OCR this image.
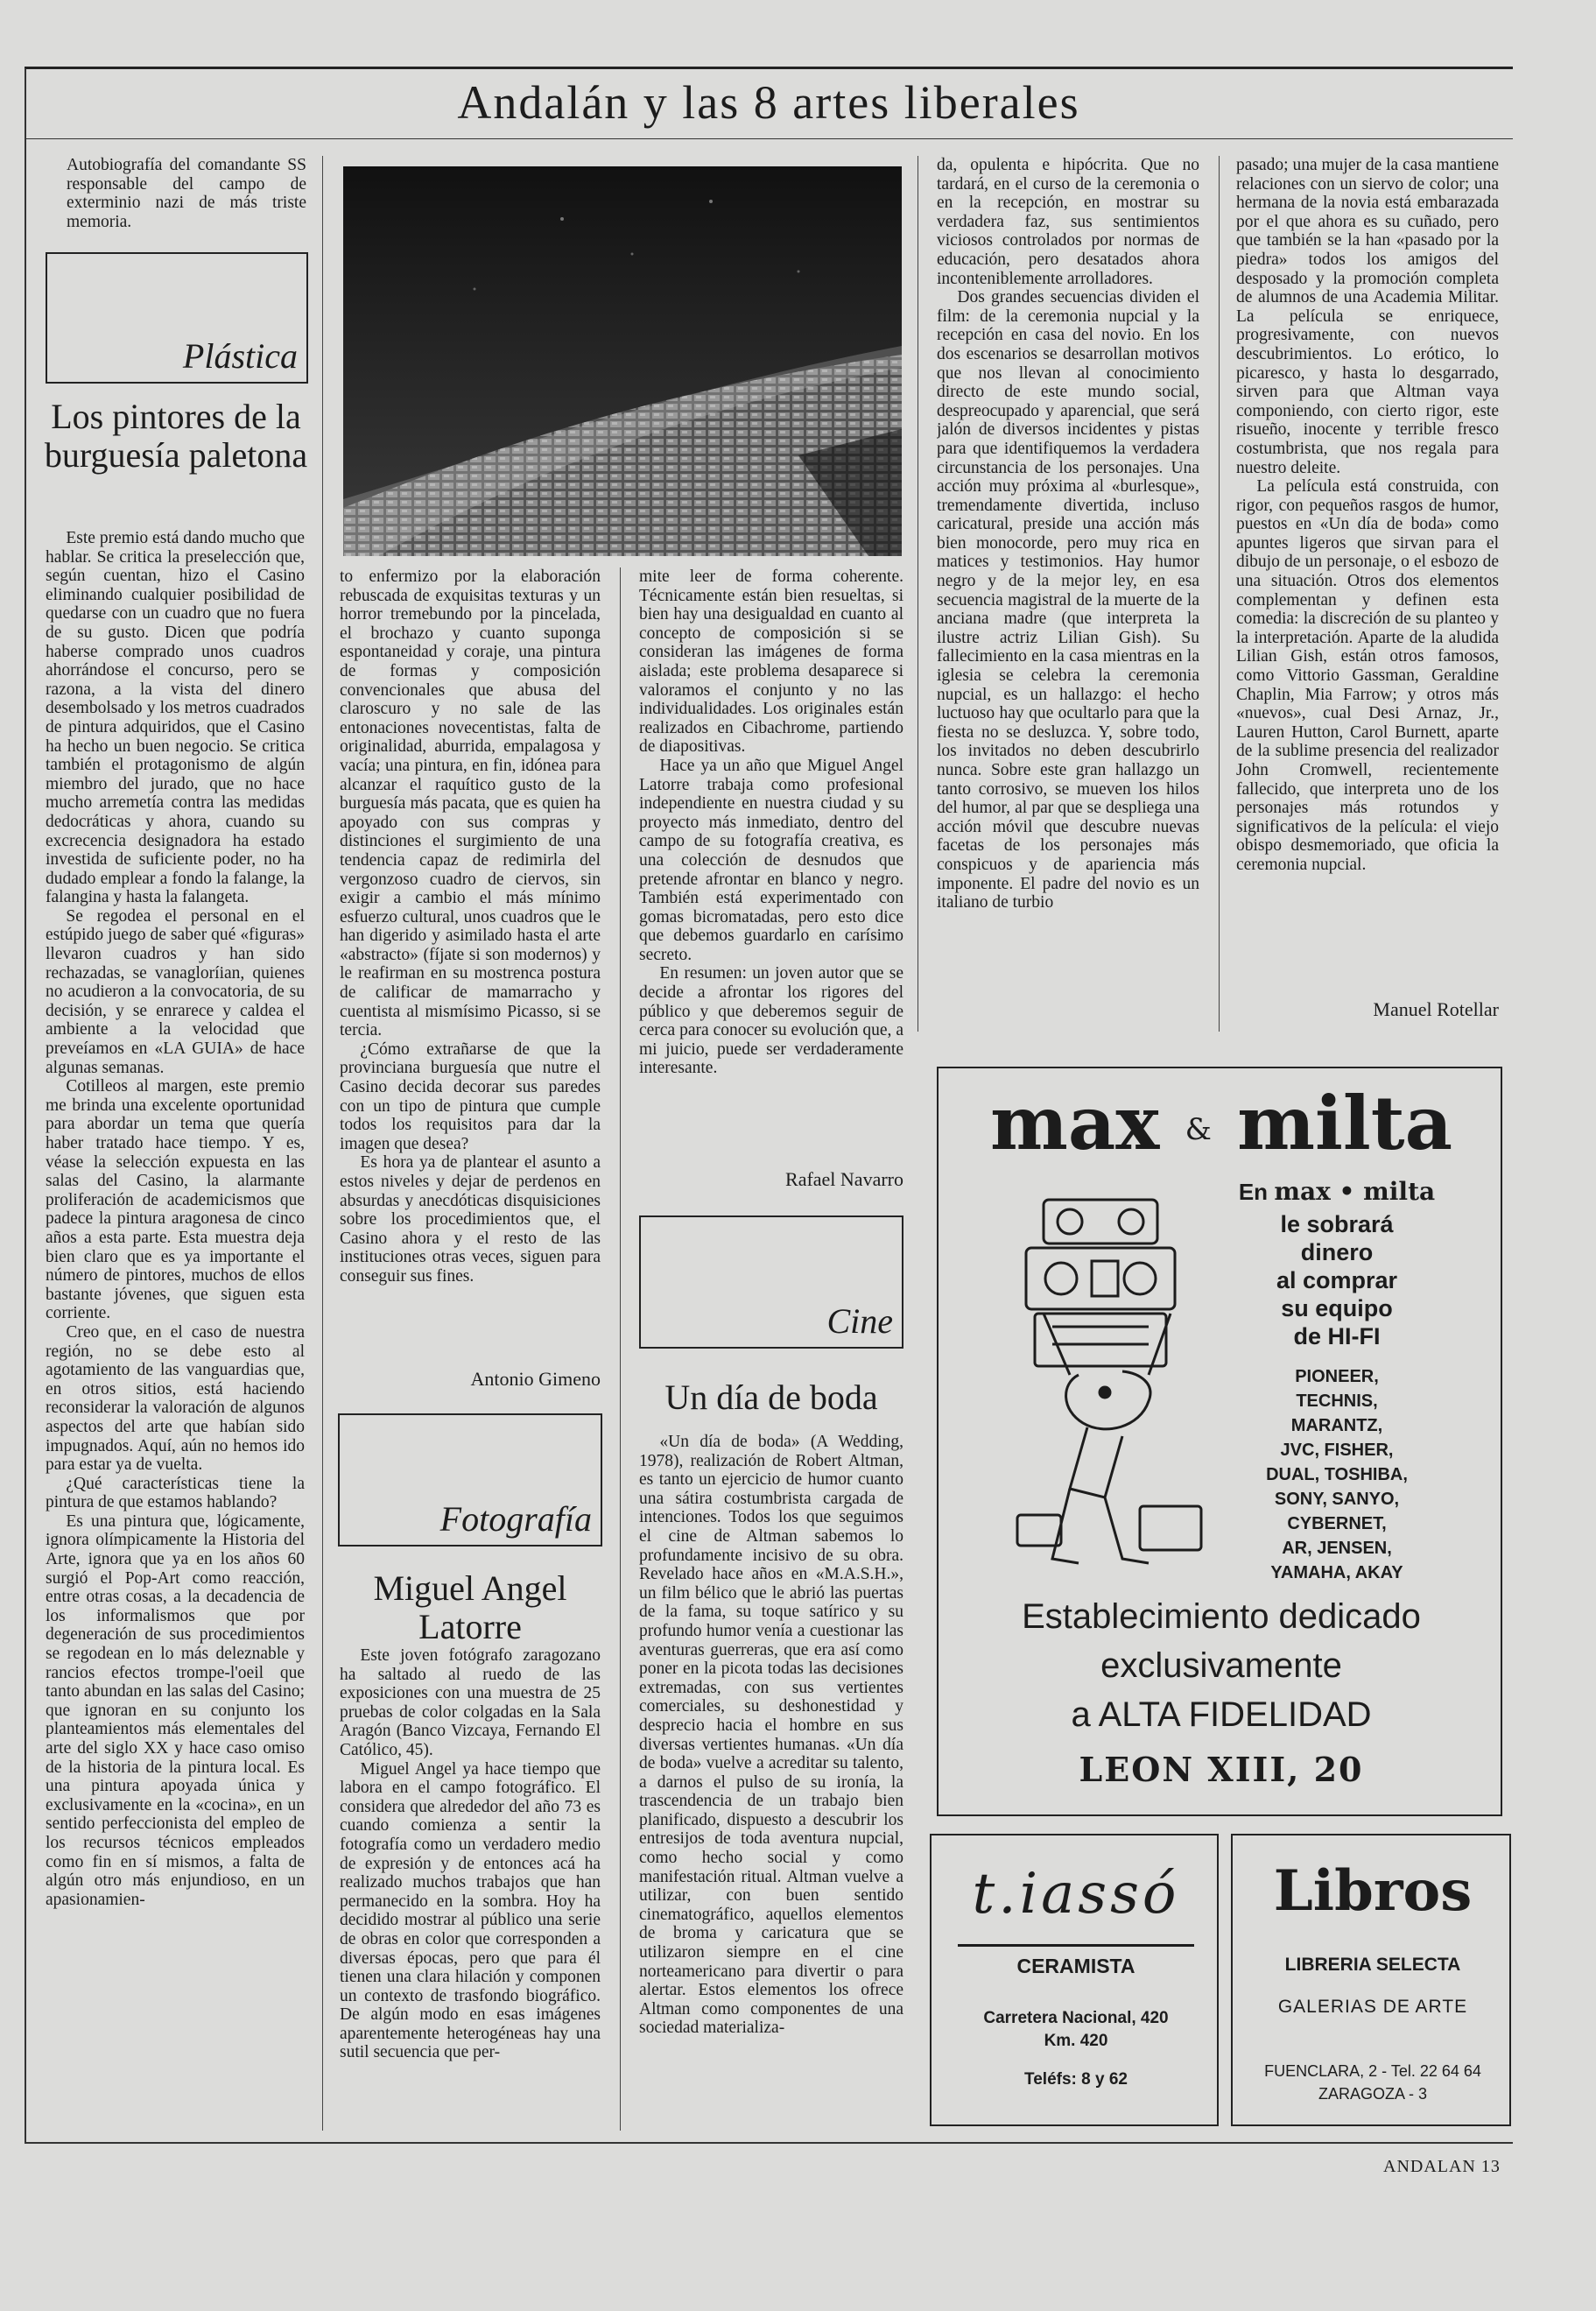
Andalán y las 8 artes liberales

Autobiografía del comandante SS responsable del campo de exterminio nazi de más triste memoria.

Plástica
Los pintores de la burguesía paletona

Este premio está dando mucho que hablar. Se critica la preselección que, según cuentan, hizo el Casino eliminando cualquier posibilidad de quedarse con un cuadro que no fuera de su gusto. Dicen que podría haberse comprado unos cuadros ahorrándose el concurso, pero se razona, a la vista del dinero desembolsado y los metros cuadrados de pintura adquiridos, que el Casino ha hecho un buen negocio. Se critica también el protagonismo de algún miembro del jurado, que no hace mucho arremetía contra las medidas dedocráticas y ahora, cuando su excrecencia designadora ha estado investida de suficiente poder, no ha dudado emplear a fondo la falange, la falangina y hasta la falangeta.

Se regodea el personal en el estúpido juego de saber qué «figuras» llevaron cuadros y han sido rechazadas, se vanagloríian, quienes no acudieron a la convocatoria, de su decisión, y se enrarece y caldea el ambiente a la velocidad que preveíamos en «LA GUIA» de hace algunas semanas.

Cotilleos al margen, este premio me brinda una excelente oportunidad para abordar un tema que quería haber tratado hace tiempo. Y es, véase la selección expuesta en las salas del Casino, la alarmante proliferación de academicismos que padece la pintura aragonesa de cinco años a esta parte. Esta muestra deja bien claro que es ya importante el número de pintores, muchos de ellos bastante jóvenes, que siguen esta corriente.

Creo que, en el caso de nuestra región, no se debe esto al agotamiento de las vanguardias que, en otros sitios, está haciendo reconsiderar la valoración de algunos aspectos del arte que habían sido impugnados. Aquí, aún no hemos ido para estar ya de vuelta.

¿Qué características tiene la pintura de que estamos hablando?

Es una pintura que, lógicamente, ignora olímpicamente la Historia del Arte, ignora que ya en los años 60 surgió el Pop-Art como reacción, entre otras cosas, a la decadencia de los informalismos que por degeneración de sus procedimientos se regodean en lo más deleznable y rancios efectos trompe-l'oeil que tanto abundan en las salas del Casino; que ignoran en su conjunto los planteamientos más elementales del arte del siglo XX y hace caso omiso de la historia de la pintura local. Es una pintura apoyada única y exclusivamente en la «cocina», en un sentido perfeccionista del empleo de los recursos técnicos empleados como fin en sí mismos, a falta de algún otro más enjundioso, en un apasionamien-

to enfermizo por la elaboración rebuscada de exquisitas texturas y un horror tremebundo por la pincelada, el brochazo y cuanto suponga espontaneidad y coraje, una pintura de formas y composición convencionales que abusa del claroscuro y no sale de las entonaciones novecentistas, falta de originalidad, aburrida, empalagosa y vacía; una pintura, en fin, idónea para alcanzar el raquítico gusto de la burguesía más pacata, que es quien ha apoyado con sus compras y distinciones el surgimiento de una tendencia capaz de redimirla del vergonzoso cuadro de ciervos, sin exigir a cambio el más mínimo esfuerzo cultural, unos cuadros que le han digerido y asimilado hasta el arte «abstracto» (fíjate si son modernos) y le reafirman en su mostrenca postura de calificar de mamarracho y cuentista al mismísimo Picasso, si se tercia.

¿Cómo extrañarse de que la provinciana burguesía que nutre el Casino decida decorar sus paredes con un tipo de pintura que cumple todos los requisitos para dar la imagen que desea?

Es hora ya de plantear el asunto a estos niveles y dejar de perdenos en absurdas y anecdóticas disquisiciones sobre los procedimientos que, el Casino ahora y el resto de las instituciones otras veces, siguen para conseguir sus fines.

Antonio Gimeno
Fotografía
Miguel Angel Latorre

Este joven fotógrafo zaragozano ha saltado al ruedo de las exposiciones con una muestra de 25 pruebas de color colgadas en la Sala Aragón (Banco Vizcaya, Fernando El Católico, 45).

Miguel Angel ya hace tiempo que labora en el campo fotográfico. El considera que alrededor del año 73 es cuando comienza a sentir la fotografía como un verdadero medio de expresión y de entonces acá ha realizado muchos trabajos que han permanecido en la sombra. Hoy ha decidido mostrar al público una serie de obras en color que corresponden a diversas épocas, pero que para él tienen una clara hilación y componen un contexto de trasfondo biográfico. De algún modo en esas imágenes aparentemente heterogéneas hay una sutil secuencia que per-

mite leer de forma coherente. Técnicamente están bien resueltas, si bien hay una desigualdad en cuanto al concepto de composición si se consideran las imágenes de forma aislada; este problema desaparece si valoramos el conjunto y no las individualidades. Los originales están realizados en Cibachrome, partiendo de diapositivas.

Hace ya un año que Miguel Angel Latorre trabaja como profesional independiente en nuestra ciudad y su proyecto más inmediato, dentro del campo de su fotografía creativa, es una colección de desnudos que pretende afrontar en blanco y negro. También está experimentado con gomas bicromatadas, pero esto dice que debemos guardarlo en carísimo secreto.

En resumen: un joven autor que se decide a afrontar los rigores del público y que deberemos seguir de cerca para conocer su evolución que, a mi juicio, puede ser verdaderamente interesante.

Rafael Navarro
Cine
Un día de boda

«Un día de boda» (A Wedding, 1978), realización de Robert Altman, es tanto un ejercicio de humor cuanto una sátira costumbrista cargada de intenciones. Todos los que seguimos el cine de Altman sabemos lo profundamente incisivo de su obra. Revelado hace años en «M.A.S.H.», un film bélico que le abrió las puertas de la fama, su toque satírico y su profundo humor venía a cuestionar las aventuras guerreras, que era así como poner en la picota todas las decisiones extremadas, con sus vertientes comerciales, su deshonestidad y desprecio hacia el hombre en sus diversas vertientes humanas. «Un día de boda» vuelve a acreditar su talento, a darnos el pulso de su ironía, la trascendencia de un trabajo bien planificado, dispuesto a descubrir los entresijos de toda aventura nupcial, como hecho social y como manifestación ritual. Altman vuelve a utilizar, con buen sentido cinematográfico, aquellos elementos de broma y caricatura que se utilizaron siempre en el cine norteamericano para divertir o para alertar. Estos elementos los ofrece Altman como componentes de una sociedad materializa-

da, opulenta e hipócrita. Que no tardará, en el curso de la ceremonia o en la recepción, en mostrar su verdadera faz, sus sentimientos viciosos controlados por normas de educación, pero desatados ahora inconteniblemente arrolladores.

Dos grandes secuencias dividen el film: de la ceremonia nupcial y la recepción en casa del novio. En los dos escenarios se desarrollan motivos que nos llevan al conocimiento directo de este mundo social, despreocupado y aparencial, que será jalón de diversos incidentes y pistas para que identifiquemos la verdadera circunstancia de los personajes. Una acción muy próxima al «burlesque», tremendamente divertida, incluso caricatural, preside una acción más bien monocorde, pero muy rica en matices y testimonios. Hay humor negro y de la mejor ley, en esa secuencia magistral de la muerte de la anciana madre (que interpreta la ilustre actriz Lilian Gish). Su fallecimiento en la casa mientras en la iglesia se celebra la ceremonia nupcial, es un hallazgo: el hecho luctuoso hay que ocultarlo para que la fiesta no se desluzca. Y, sobre todo, los invitados no deben descubrirlo nunca. Sobre este gran hallazgo un tanto corrosivo, se mueven los hilos del humor, al par que se despliega una acción móvil que descubre nuevas facetas de los personajes más conspicuos y de apariencia más imponente. El padre del novio es un italiano de turbio

pasado; una mujer de la casa mantiene relaciones con un siervo de color; una hermana de la novia está embarazada por el que ahora es su cuñado, pero que también se la han «pasado por la piedra» todos los amigos del desposado y la promoción completa de alumnos de una Academia Militar. La película se enriquece, progresivamente, con nuevos descubrimientos. Lo erótico, lo picaresco, y hasta lo desgarrado, sirven para que Altman vaya componiendo, con cierto rigor, este risueño, inocente y terrible fresco costumbrista, que nos regala para nuestro deleite.

La película está construida, con rigor, con pequeños rasgos de humor, puestos en «Un día de boda» como apuntes ligeros que sirvan para el dibujo de un personaje, o el esbozo de una situación. Otros dos elementos complementan y definen esta comedia: la discreción de su planteo y la interpretación. Aparte de la aludida Lilian Gish, están otros famosos, como Vittorio Gassman, Geraldine Chaplin, Mia Farrow; y otros más «nuevos», cual Desi Arnaz, Jr., Lauren Hutton, Carol Burnett, aparte de la sublime presencia del realizador John Cromwell, recientemente fallecido, que interpreta uno de los personajes más rotundos y significativos de la película: el viejo obispo desmemoriado, que oficia la ceremonia nupcial.

Manuel Rotellar
max & milta
En max • milta
le sobrará
dinero
al comprar
su equipo
de HI-FI
PIONEER,
TECHNIS,
MARANTZ,
JVC, FISHER,
DUAL, TOSHIBA,
SONY, SANYO,
CYBERNET,
AR, JENSEN,
YAMAHA, AKAY
Establecimiento dedicado
exclusivamente
a ALTA FIDELIDAD
LEON XIII, 20
t.iassó
CERAMISTA
Carretera Nacional, 420
Km. 420
Teléfs: 8 y 62
Libros
LIBRERIA SELECTA
GALERIAS DE ARTE
FUENCLARA, 2 - Tel. 22 64 64
ZARAGOZA - 3
ANDALAN 13
